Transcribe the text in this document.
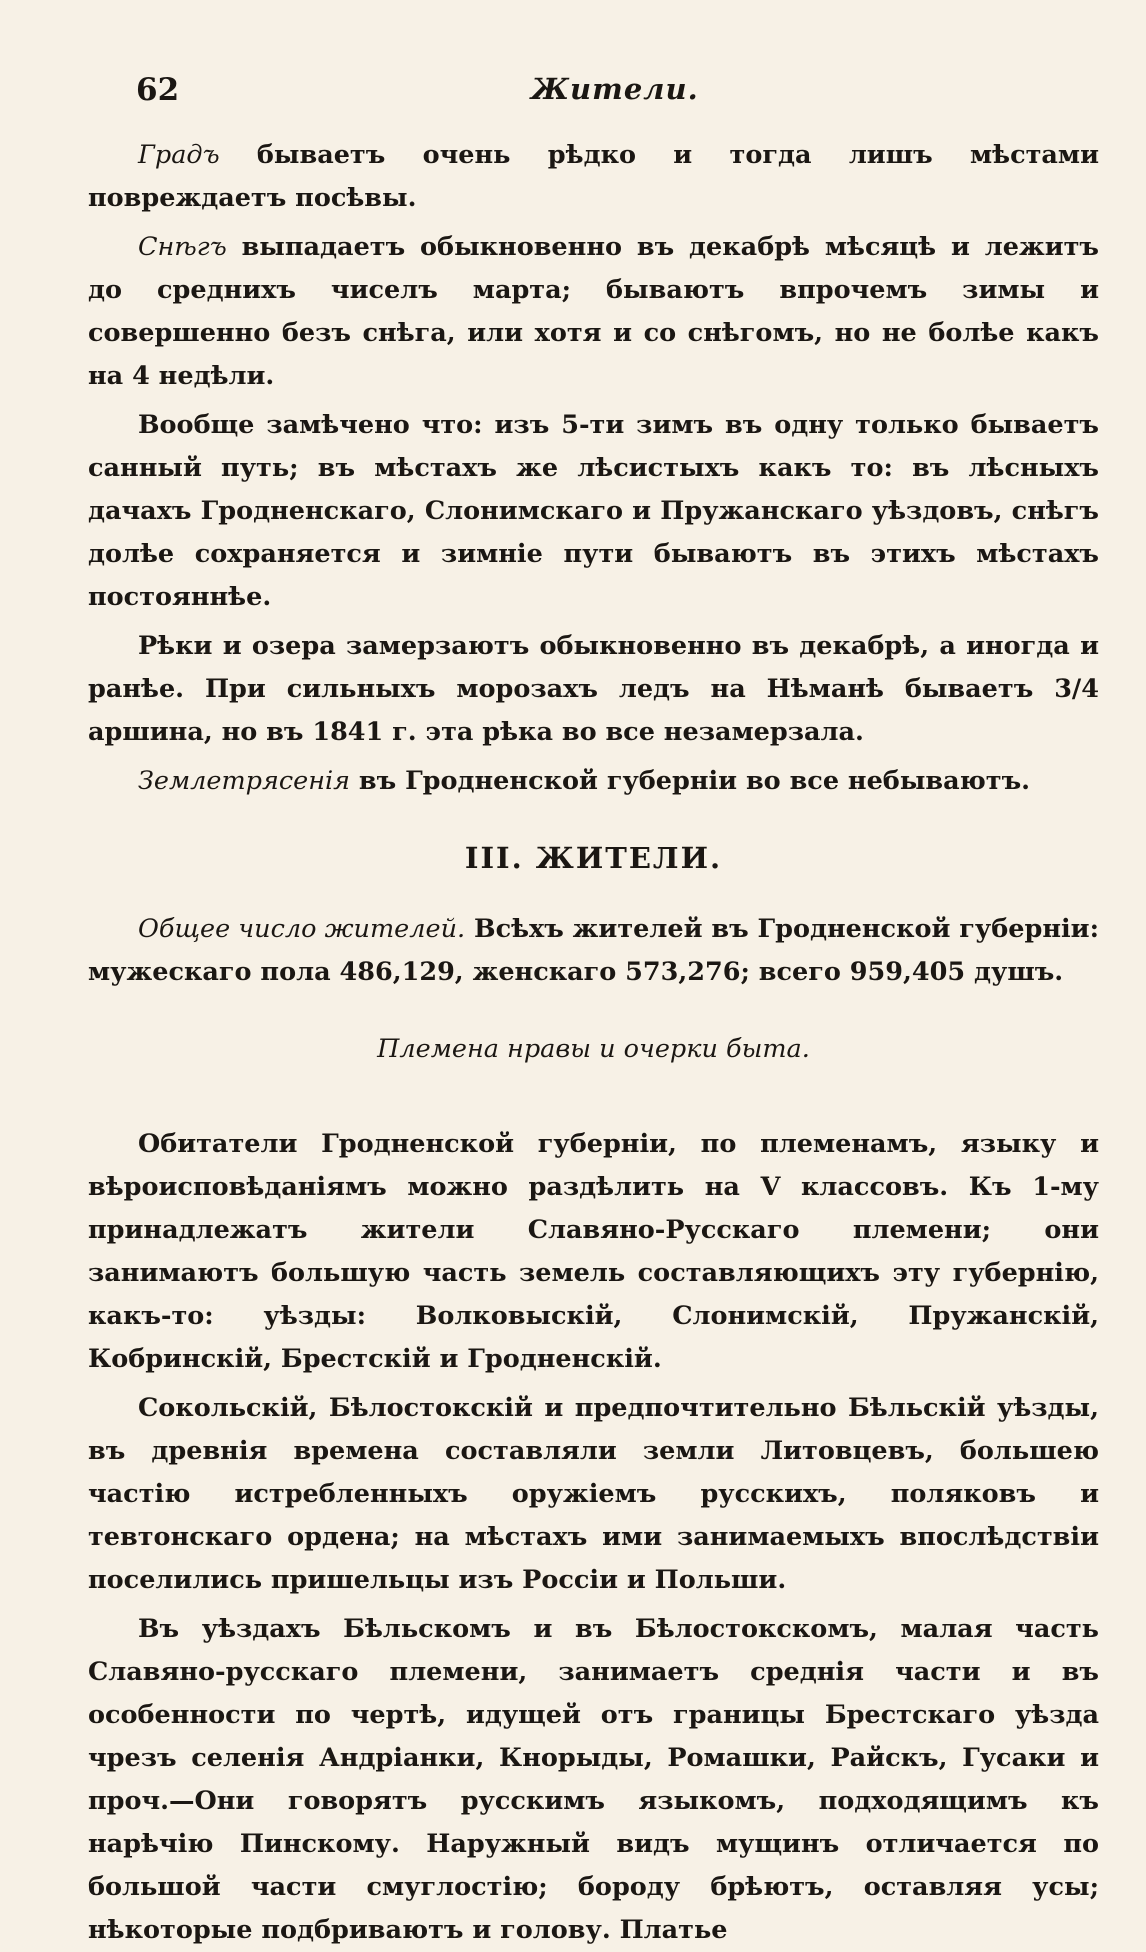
62	Жители.

Градъ бываетъ очень рѣдко и тогда лишъ мѣстами повреждаетъ посѣвы.

Снѣгъ выпадаетъ обыкновенно въ декабрѣ мѣсяцѣ и лежитъ до среднихъ чиселъ марта; бываютъ впрочемъ зимы и совершенно безъ снѣга, или хотя и со снѣгомъ, но не болѣе какъ на 4 недѣли.

Вообще замѣчено что: изъ 5-ти зимъ въ одну только бываетъ санный путь; въ мѣстахъ же лѣсистыхъ какъ то: въ лѣсныхъ дачахъ Гродненскаго, Слонимскаго и Пружанскаго уѣздовъ, снѣгъ долѣе сохраняется и зимніе пути бываютъ въ этихъ мѣстахъ постояннѣе.

Рѣки и озера замерзаютъ обыкновенно въ декабрѣ, а иногда и ранѣе. При сильныхъ морозахъ ледъ на Нѣманѣ бываетъ 3/4 аршина, но въ 1841 г. эта рѣка во все незамерзала.

Землетрясенія въ Гродненской губерніи во все небываютъ.

III. ЖИТЕЛИ.

Общее число жителей. Всѣхъ жителей въ Гродненской губерніи: мужескаго пола 486,129, женскаго 573,276; всего 959,405 душъ.

Племена нравы и очерки быта.

Обитатели Гродненской губерніи, по племенамъ, языку и вѣроисповѣданіямъ можно раздѣлить на V классовъ. Къ 1-му принадлежатъ жители Славяно-Русскаго племени; они занимаютъ большую часть земель составляющихъ эту губернію, какъ-то: уѣзды: Волковыскій, Слонимскій, Пружанскій, Кобринскій, Брестскій и Гродненскій.

Сокольскій, Бѣлостокскій и предпочтительно Бѣльскій уѣзды, въ древнія времена составляли земли Литовцевъ, большею частію истребленныхъ оружіемъ русскихъ, поляковъ и тевтонскаго ордена; на мѣстахъ ими занимаемыхъ впослѣдствіи поселились пришельцы изъ Россіи и Польши.

Въ уѣздахъ Бѣльскомъ и въ Бѣлостокскомъ, малая часть Славяно-русскаго племени, занимаетъ среднія части и въ особенности по чертѣ, идущей отъ границы Брестскаго уѣзда чрезъ селенія Андріанки, Кнорыды, Ромашки, Райскъ, Гусаки и проч.—Они говорятъ русскимъ языкомъ, подходящимъ къ нарѣчію Пинскому. Наружный видъ мущинъ отличается по большой части смуглостію; бороду брѣютъ, оставляя усы; нѣкоторые подбриваютъ и голову. Платье
